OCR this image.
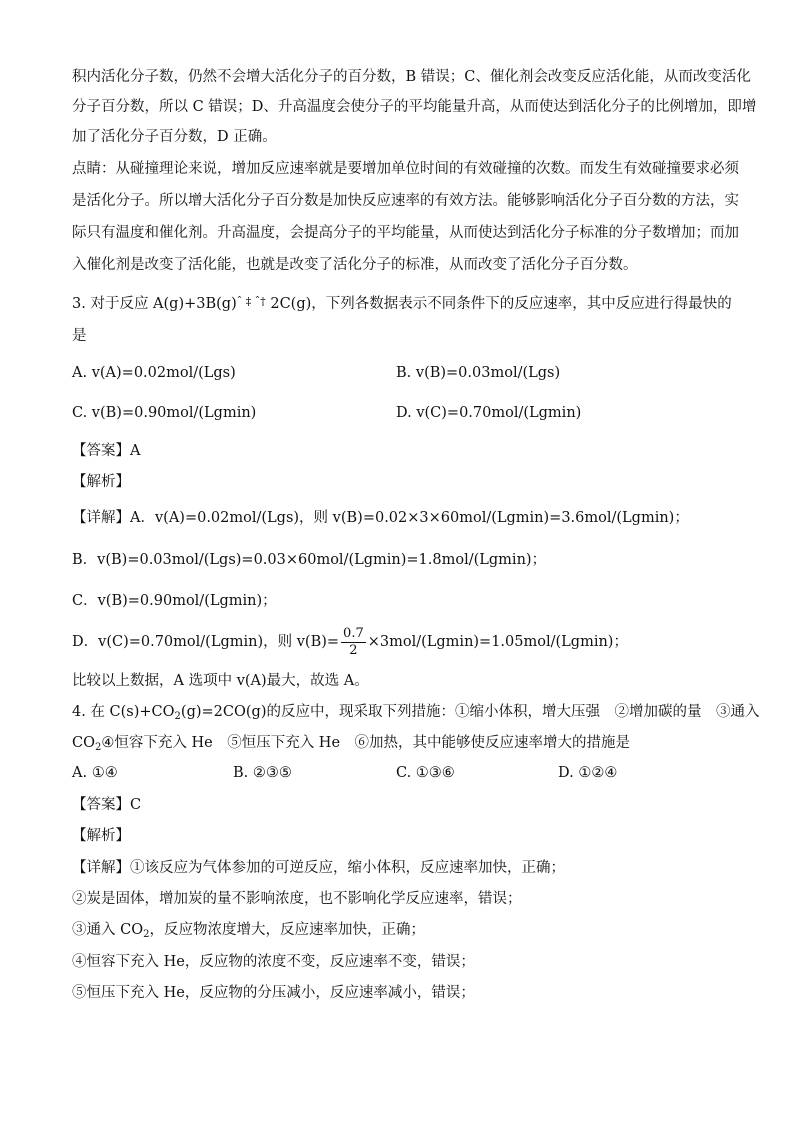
积内活化分子数，仍然不会增大活化分子的百分数，B 错误；C、催化剂会改变反应活化能，从而改变活化
分子百分数，所以 C 错误；D、升高温度会使分子的平均能量升高，从而使达到活化分子的比例增加，即增
加了活化分子百分数，D 正确。
点睛：从碰撞理论来说，增加反应速率就是要增加单位时间的有效碰撞的次数。而发生有效碰撞要求必须
是活化分子。所以增大活化分子百分数是加快反应速率的有效方法。能够影响活化分子百分数的方法，实
际只有温度和催化剂。升高温度，会提高分子的平均能量，从而使达到活化分子标准的分子数增加；而加
入催化剂是改变了活化能，也就是改变了活化分子的标准，从而改变了活化分子百分数。
3. 对于反应 $A(g)+3B(g)^{ˆ \ddagger ˆ\dagger}$ 2C(g)，下列各数据表示不同条件下的反应速率，其中反应进行得最快的
是
A. v(A)=0.02mol/(Lgs)	B. v(B)=0.03mol/(Lgs)
C. v(B)=0.90mol/(Lgmin)	D. v(C)=0.70mol/(Lgmin)
【答案】A
【解析】
【详解】A．v(A)=0.02mol/(Lgs)，则 v(B)=0.02×3×60mol/(Lgmin)=3.6mol/(Lgmin)；
B．v(B)=0.03mol/(Lgs)=0.03×60mol/(Lgmin)=1.8mol/(Lgmin)；
C．v(B)=0.90mol/(Lgmin)；
D．v(C)=0.70mol/(Lgmin)，则 $v(B)= \frac{0.7}{2} \times 3mol/(Lgmin)=1.05mol/(Lgmin)$；
比较以上数据，A 选项中 v(A)最大，故选 A。
4. 在 $C(s)+CO_2(g)=2CO(g)$的反应中，现采取下列措施：①缩小体积，增大压强　②增加碳的量　③通入
$CO_2④$恒容下充入 He　⑤恒压下充入 He　⑥加热，其中能够使反应速率增大的措施是
A. ①④	B. ②③⑤	C. ①③⑥	D. ①②④
【答案】C
【解析】
【详解】①该反应为气体参加的可逆反应，缩小体积，反应速率加快，正确；
②炭是固体，增加炭的量不影响浓度，也不影响化学反应速率，错误；
③通入 $CO_2$，反应物浓度增大，反应速率加快，正确；
④恒容下充入 He，反应物的浓度不变，反应速率不变，错误；
⑤恒压下充入 He，反应物的分压减小，反应速率减小，错误；
